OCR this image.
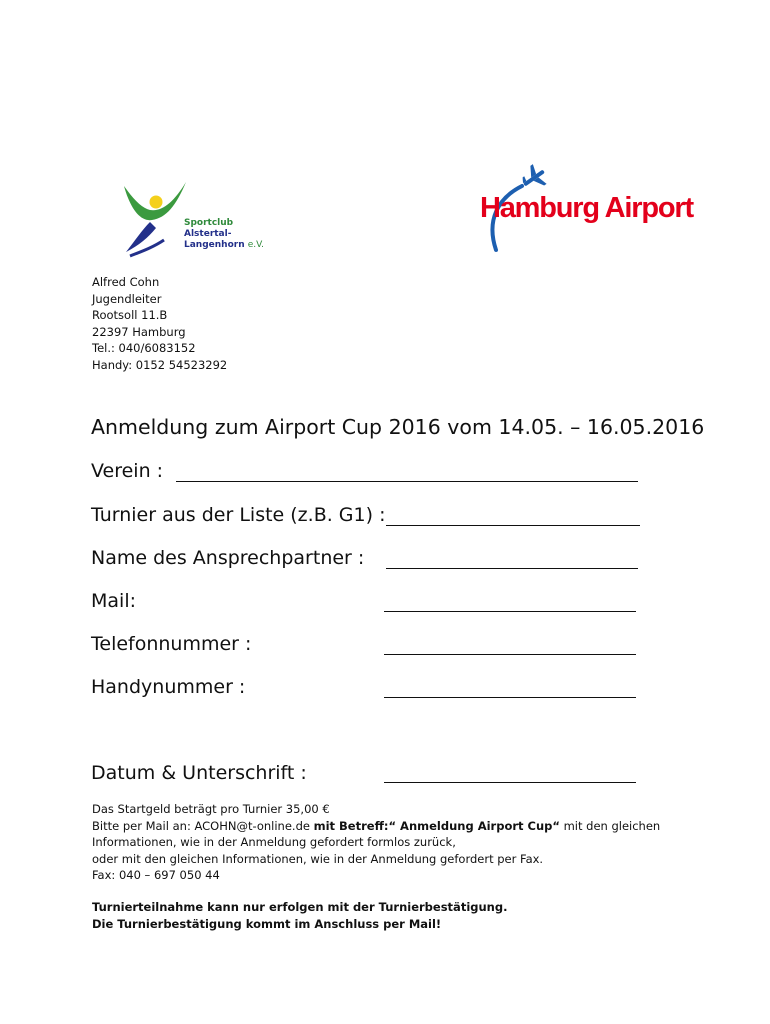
Sportclub
Alstertal-
Langenhorn e.V.
Hamburg Airport
Alfred Cohn
Jugendleiter
Rootsoll 11.B
22397 Hamburg
Tel.: 040/6083152
Handy: 0152 54523292
Anmeldung zum Airport Cup 2016 vom 14.05. – 16.05.2016
Verein :
Turnier aus der Liste (z.B. G1) :
Name des Ansprechpartner :
Mail:
Telefonnummer :
Handynummer :
Datum & Unterschrift :
Das Startgeld beträgt pro Turnier 35,00 €
Bitte per Mail an: ACOHN@t-online.de mit Betreff:“ Anmeldung Airport Cup“ mit den gleichen
Informationen, wie in der Anmeldung gefordert formlos zurück,
oder mit den gleichen Informationen, wie in der Anmeldung gefordert per Fax.
Fax: 040 – 697 050 44
Turnierteilnahme kann nur erfolgen mit der Turnierbestätigung.
Die Turnierbestätigung kommt im Anschluss per Mail!
